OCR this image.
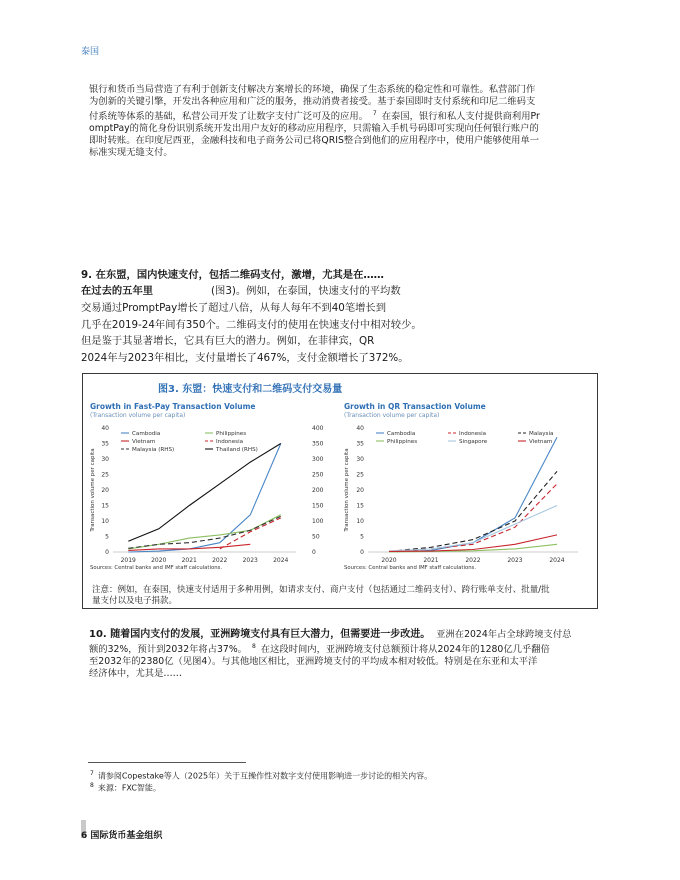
泰国
银行和货币当局营造了有利于创新支付解决方案增长的环境，确保了生态系统的稳定性和可靠性。私营部门作
为创新的关键引擎，开发出各种应用和广泛的服务，推动消费者接受。基于泰国即时支付系统和印尼二维码支
付系统等体系的基础，私营公司开发了让数字支付广泛可及的应用。 $^7$ 在泰国，银行和私人支付提供商利用Pr
omptPay的简化身份识别系统开发出用户友好的移动应用程序，只需输入手机号码即可实现向任何银行账户的
即时转账。在印度尼西亚，金融科技和电子商务公司已将QRIS整合到他们的应用程序中，使用户能够使用单一
标准实现无缝支付。
9. 在东盟，国内快速支付，包括二维码支付，激增，尤其是在……
在过去的五年里	(图3)。例如，在泰国，快速支付的平均数
交易通过PromptPay增长了超过八倍，从每人每年不到40笔增长到
几乎在2019-24年间有350个。二维码支付的使用在快速支付中相对较少。
但是鉴于其显著增长，它具有巨大的潜力。例如，在菲律宾，QR
2024年与2023年相比，支付量增长了467%，支付金额增长了372%。
图3. 东盟：快速支付和二维码支付交易量
Growth in Fast-Pay Transaction Volume
(Transaction volume per capita)
0
5
10
15
20
25
30
35
40
0
50
100
150
200
250
300
350
400
2019	2020	2021	2022	2023	2024
Transaction volume per capita
Cambodia	Philippines
Vietnam	Indonesia
Malaysia (RHS)	Thailand (RHS)
Sources: Central banks and IMF staff calculations.
Growth in QR Transaction Volume
(Transaction volume per capita)
0
5
10
15
20
25
30
35
40
2020	2021	2022	2023	2024
Transaction volume per capita
Cambodia	Indonesia	Malaysia
Philippines	Singapore	Vietnam
Sources: Central banks and IMF staff calculations.
注意：例如，在泰国，快速支付适用于多种用例，如请求支付、商户支付（包括通过二维码支付）、跨行账单支付、批量/批
量支付以及电子捐款。
10. 随着国内支付的发展，亚洲跨境支付具有巨大潜力，但需要进一步改进。 亚洲在2024年占全球跨境支付总
额的32%，预计到2032年将占37%。 $^8$ 在这段时间内，亚洲跨境支付总额预计将从2024年的1280亿几乎翻倍
至2032年的2380亿（见图4）。与其他地区相比，亚洲跨境支付的平均成本相对较低。特别是在东亚和太平洋
经济体中，尤其是……
$^7$ 请参阅Copestake等人（2025年）关于互操作性对数字支付使用影响进一步讨论的相关内容。
$^8$ 来源：FXC智能。
6 国际货币基金组织
